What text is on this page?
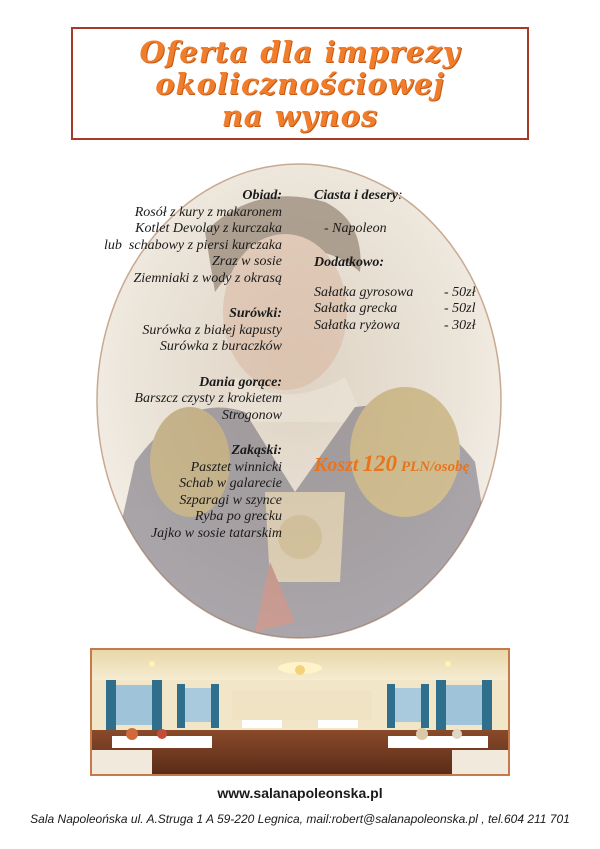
Oferta dla imprezy
okolicznościowej
na wynos
Obiad:
Rosół z kury z makaronem
Kotlet Devolay z kurczaka
lub  schabowy z piersi kurczaka
Zraz w sosie
Ziemniaki z wody z okrasą
Surówki:
Surówka z białej kapusty
Surówka z buraczków
Dania gorące:
Barszcz czysty z krokietem
Strogonow
Zakąski:
Pasztet winnicki
Schab w galarecie
Szparagi w szynce
Ryba po grecku
Jajko w sosie tatarskim
Ciasta i desery:
- Napoleon
Dodatkowo:
Sałatka gyrosowa	- 50zł
Sałatka grecka	- 50zl
Sałatka ryżowa	- 30zł
Koszt 120 PLN/osobę
www.salanapoleonska.pl
Sala Napoleońska ul. A.Struga 1 A 59-220 Legnica, mail:robert@salanapoleonska.pl , tel.604 211 701
